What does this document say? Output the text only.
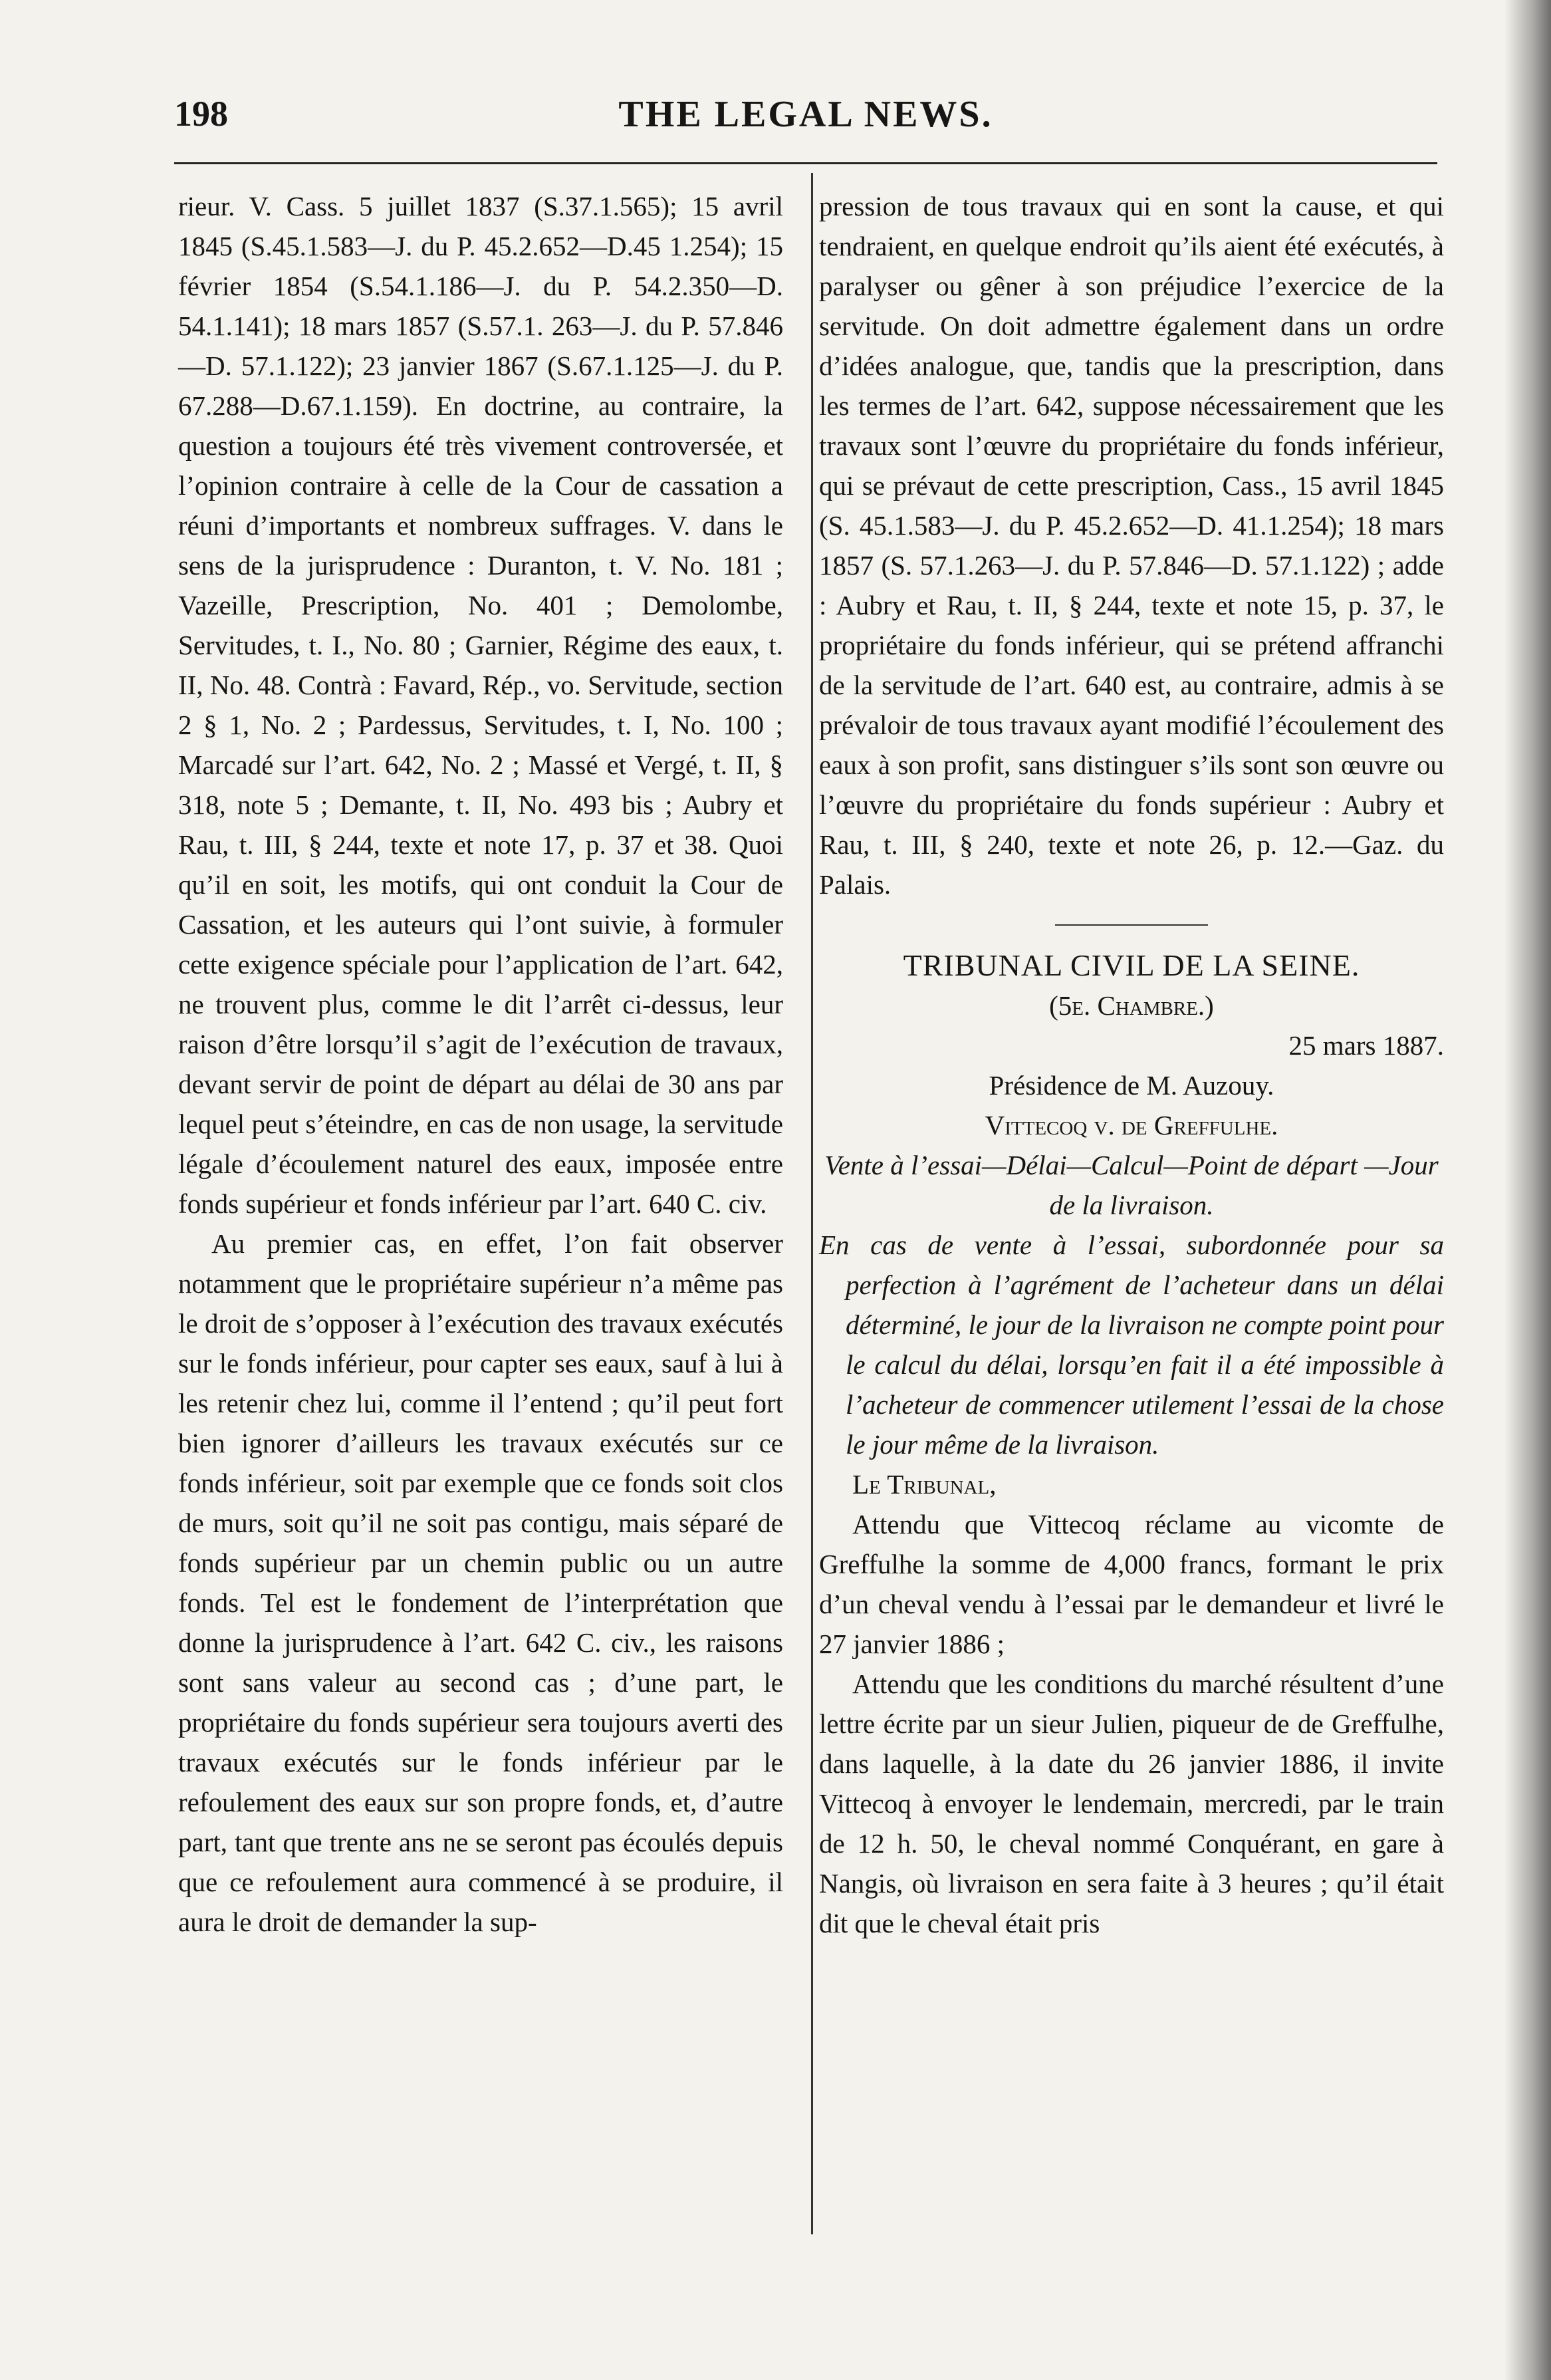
198	THE LEGAL NEWS.

rieur. V. Cass. 5 juillet 1837 (S.37.1.565); 15 avril 1845 (S.45.1.583—J. du P. 45.2.652—D.45 1.254); 15 février 1854 (S.54.1.186—J. du P. 54.2.350—D. 54.1.141); 18 mars 1857 (S.57.1. 263—J. du P. 57.846—D. 57.1.122); 23 janvier 1867 (S.67.1.125—J. du P. 67.288—D.67.1.159). En doctrine, au contraire, la question a toujours été très vivement controversée, et l’opinion contraire à celle de la Cour de cassation a réuni d’importants et nombreux suffrages. V. dans le sens de la jurisprudence : Duranton, t. V. No. 181 ; Vazeille, Prescription, No. 401 ; Demolombe, Servitudes, t. I., No. 80 ; Garnier, Régime des eaux, t. II, No. 48. Contrà : Favard, Rép., vo. Servitude, section 2 § 1, No. 2 ; Pardessus, Servitudes, t. I, No. 100 ; Marcadé sur l’art. 642, No. 2 ; Massé et Vergé, t. II, § 318, note 5 ; Demante, t. II, No. 493 bis ; Aubry et Rau, t. III, § 244, texte et note 17, p. 37 et 38. Quoi qu’il en soit, les motifs, qui ont conduit la Cour de Cassation, et les auteurs qui l’ont suivie, à formuler cette exigence spéciale pour l’application de l’art. 642, ne trouvent plus, comme le dit l’arrêt ci-dessus, leur raison d’être lorsqu’il s’agit de l’exécution de travaux, devant servir de point de départ au délai de 30 ans par lequel peut s’éteindre, en cas de non usage, la servitude légale d’écoulement naturel des eaux, imposée entre fonds supérieur et fonds inférieur par l’art. 640 C. civ.

Au premier cas, en effet, l’on fait observer notamment que le propriétaire supérieur n’a même pas le droit de s’opposer à l’exécution des travaux exécutés sur le fonds inférieur, pour capter ses eaux, sauf à lui à les retenir chez lui, comme il l’entend ; qu’il peut fort bien ignorer d’ailleurs les travaux exécutés sur ce fonds inférieur, soit par exemple que ce fonds soit clos de murs, soit qu’il ne soit pas contigu, mais séparé de fonds supérieur par un chemin public ou un autre fonds. Tel est le fondement de l’interprétation que donne la jurisprudence à l’art. 642 C. civ., les raisons sont sans valeur au second cas ; d’une part, le propriétaire du fonds supérieur sera toujours averti des travaux exécutés sur le fonds inférieur par le refoulement des eaux sur son propre fonds, et, d’autre part, tant que trente ans ne se seront pas écoulés depuis que ce refoulement aura commencé à se produire, il aura le droit de demander la sup-

pression de tous travaux qui en sont la cause, et qui tendraient, en quelque endroit qu’ils aient été exécutés, à paralyser ou gêner à son préjudice l’exercice de la servitude. On doit admettre également dans un ordre d’idées analogue, que, tandis que la prescription, dans les termes de l’art. 642, suppose nécessairement que les travaux sont l’œuvre du propriétaire du fonds inférieur, qui se prévaut de cette prescription, Cass., 15 avril 1845 (S. 45.1.583—J. du P. 45.2.652—D. 41.1.254); 18 mars 1857 (S. 57.1.263—J. du P. 57.846—D. 57.1.122) ; adde : Aubry et Rau, t. II, § 244, texte et note 15, p. 37, le propriétaire du fonds inférieur, qui se prétend affranchi de la servitude de l’art. 640 est, au contraire, admis à se prévaloir de tous travaux ayant modifié l’écoulement des eaux à son profit, sans distinguer s’ils sont son œuvre ou l’œuvre du propriétaire du fonds supérieur : Aubry et Rau, t. III, § 240, texte et note 26, p. 12.—Gaz. du Palais.

TRIBUNAL CIVIL DE LA SEINE.

(5e. Chambre.)

25 mars 1887.

Présidence de M. Auzouy.

Vittecoq v. de Greffulhe.

Vente à l’essai—Délai—Calcul—Point de départ —Jour de la livraison.

En cas de vente à l’essai, subordonnée pour sa perfection à l’agrément de l’acheteur dans un délai déterminé, le jour de la livraison ne compte point pour le calcul du délai, lorsqu’en fait il a été impossible à l’acheteur de commencer utilement l’essai de la chose le jour même de la livraison.

Le Tribunal,

Attendu que Vittecoq réclame au vicomte de Greffulhe la somme de 4,000 francs, formant le prix d’un cheval vendu à l’essai par le demandeur et livré le 27 janvier 1886 ;

Attendu que les conditions du marché résultent d’une lettre écrite par un sieur Julien, piqueur de de Greffulhe, dans laquelle, à la date du 26 janvier 1886, il invite Vittecoq à envoyer le lendemain, mercredi, par le train de 12 h. 50, le cheval nommé Conquérant, en gare à Nangis, où livraison en sera faite à 3 heures ; qu’il était dit que le cheval était pris
